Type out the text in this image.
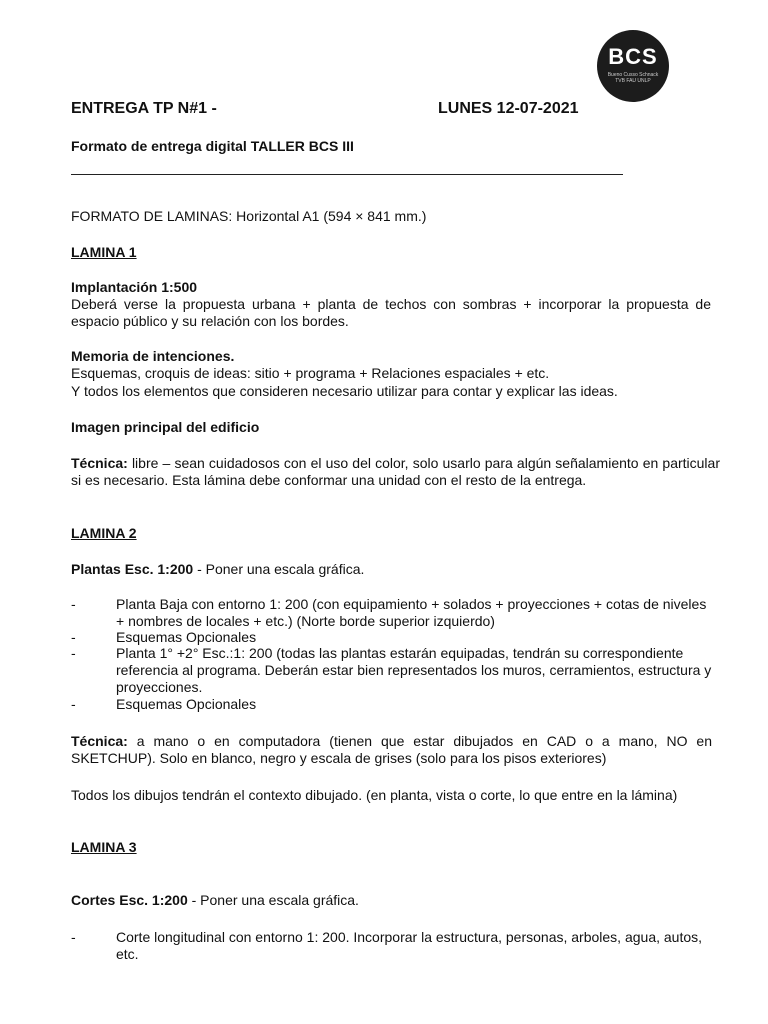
BCS
Bueno Cusso Schnack
TVB FAU UNLP
ENTREGA TP N#1 -	LUNES 12-07-2021
Formato de entrega digital TALLER BCS III
FORMATO DE LAMINAS: Horizontal A1 (594 × 841 mm.)
LAMINA 1
Implantación 1:500
Deberá verse la propuesta urbana + planta de techos con sombras + incorporar la propuesta de espacio público y su relación con los bordes.
Memoria de intenciones.
Esquemas, croquis de ideas: sitio + programa + Relaciones espaciales + etc.
Y todos los elementos que consideren necesario utilizar para contar y explicar las ideas.
Imagen principal del edificio
Técnica: libre – sean cuidadosos con el uso del color, solo usarlo para algún señalamiento en particular si es necesario. Esta lámina debe conformar una unidad con el resto de la entrega.
LAMINA 2
Plantas Esc. 1:200 - Poner una escala gráfica.
-	Planta Baja con entorno 1: 200 (con equipamiento + solados + proyecciones + cotas de niveles + nombres de locales + etc.) (Norte borde superior izquierdo)
-	Esquemas Opcionales
-	Planta 1° +2° Esc.:1: 200 (todas las plantas estarán equipadas, tendrán su correspondiente referencia al programa. Deberán estar bien representados los muros, cerramientos, estructura y proyecciones.
-	Esquemas Opcionales
Técnica: a mano o en computadora (tienen que estar dibujados en CAD o a mano, NO en SKETCHUP). Solo en blanco, negro y escala de grises (solo para los pisos exteriores)
Todos los dibujos tendrán el contexto dibujado. (en planta, vista o corte, lo que entre en la lámina)
LAMINA 3
Cortes Esc. 1:200 - Poner una escala gráfica.
-	Corte longitudinal con entorno 1: 200. Incorporar la estructura, personas, arboles, agua, autos, etc.
